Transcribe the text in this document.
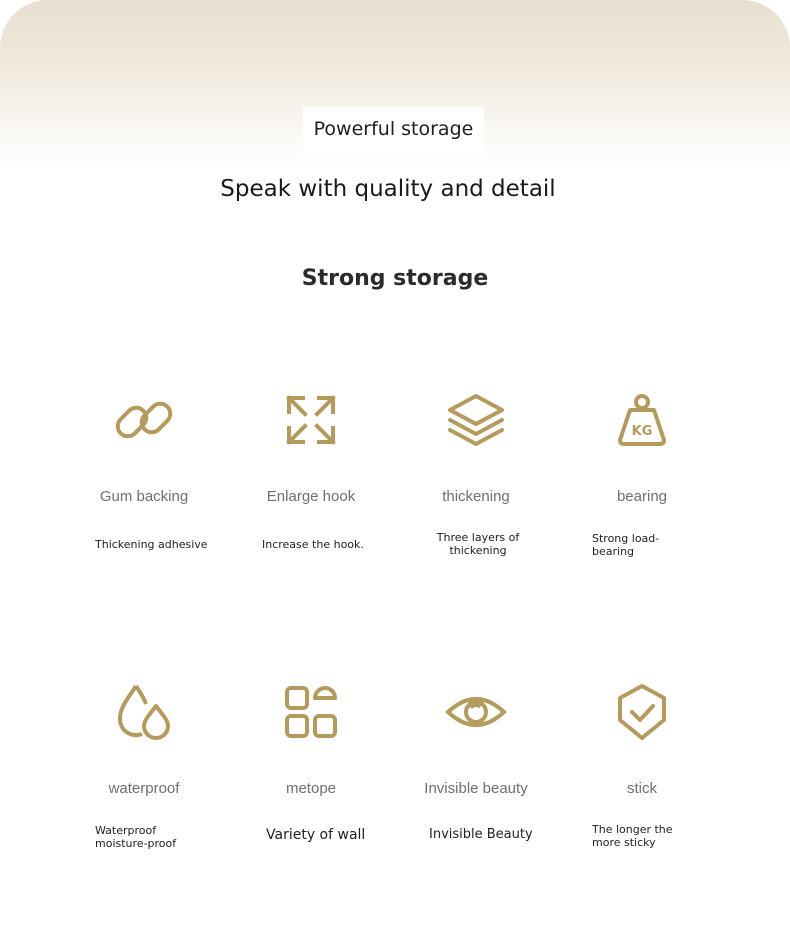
Powerful storage
Speak with quality and detail
Strong storage
KG
Gum backing	Enlarge hook	thickening	bearing
Thickening adhesive	Increase the hook.
Three layers of
thickening
Strong load-
bearing
waterproof	metope	Invisible beauty	stick
Waterproof
moisture-proof
Variety of wall	Invisible Beauty	The longer the
more sticky
